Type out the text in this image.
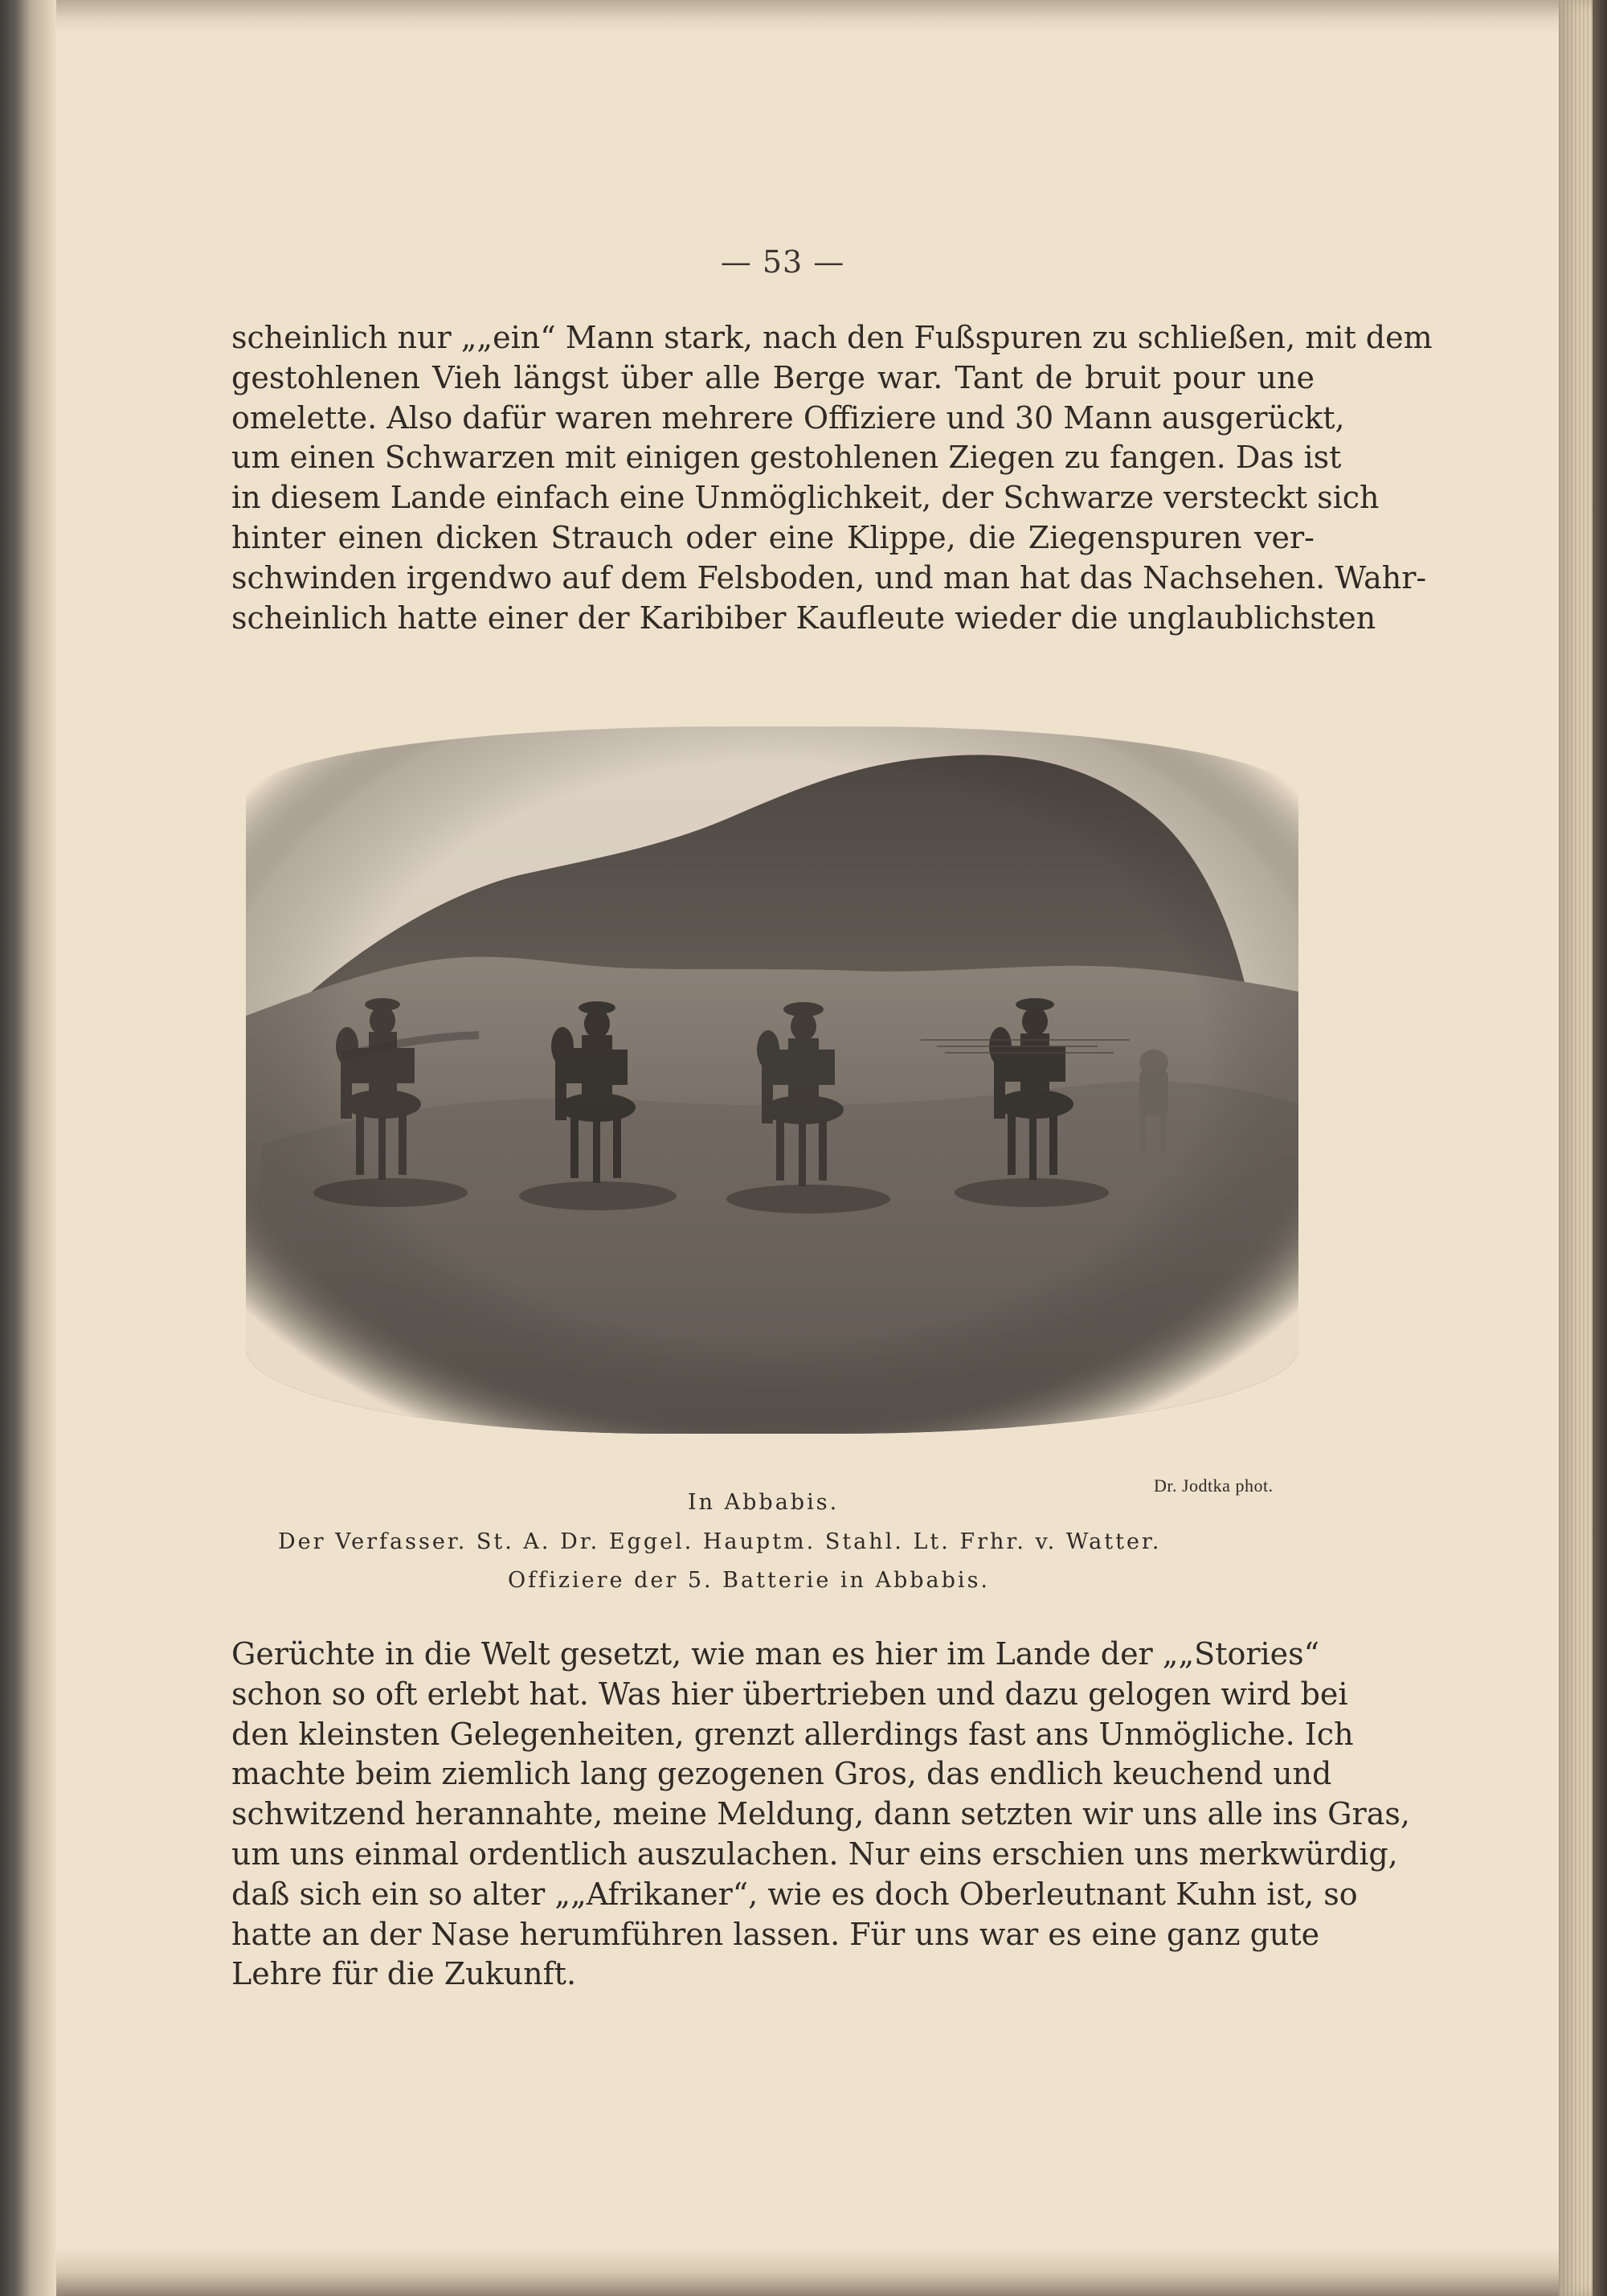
— 53 —
scheinlich nur „„ein“ Mann stark, nach den Fußspuren zu schließen, mit dem
gestohlenen Vieh längst über alle Berge war. Tant de bruit pour une
omelette. Also dafür waren mehrere Offiziere und 30 Mann ausgerückt,
um einen Schwarzen mit einigen gestohlenen Ziegen zu fangen. Das ist
in diesem Lande einfach eine Unmöglichkeit, der Schwarze versteckt sich
hinter einen dicken Strauch oder eine Klippe, die Ziegenspuren ver-
schwinden irgendwo auf dem Felsboden, und man hat das Nachsehen. Wahr-
scheinlich hatte einer der Karibiber Kaufleute wieder die unglaublichsten
Dr. Jodtka phot.
In Abbabis.
Der Verfasser. St. A. Dr. Eggel. Hauptm. Stahl. Lt. Frhr. v. Watter.
Offiziere der 5. Batterie in Abbabis.
Gerüchte in die Welt gesetzt, wie man es hier im Lande der „„Stories“
schon so oft erlebt hat. Was hier übertrieben und dazu gelogen wird bei
den kleinsten Gelegenheiten, grenzt allerdings fast ans Unmögliche. Ich
machte beim ziemlich lang gezogenen Gros, das endlich keuchend und
schwitzend herannahte, meine Meldung, dann setzten wir uns alle ins Gras,
um uns einmal ordentlich auszulachen. Nur eins erschien uns merkwürdig,
daß sich ein so alter „„Afrikaner“, wie es doch Oberleutnant Kuhn ist, so
hatte an der Nase herumführen lassen. Für uns war es eine ganz gute
Lehre für die Zukunft.
